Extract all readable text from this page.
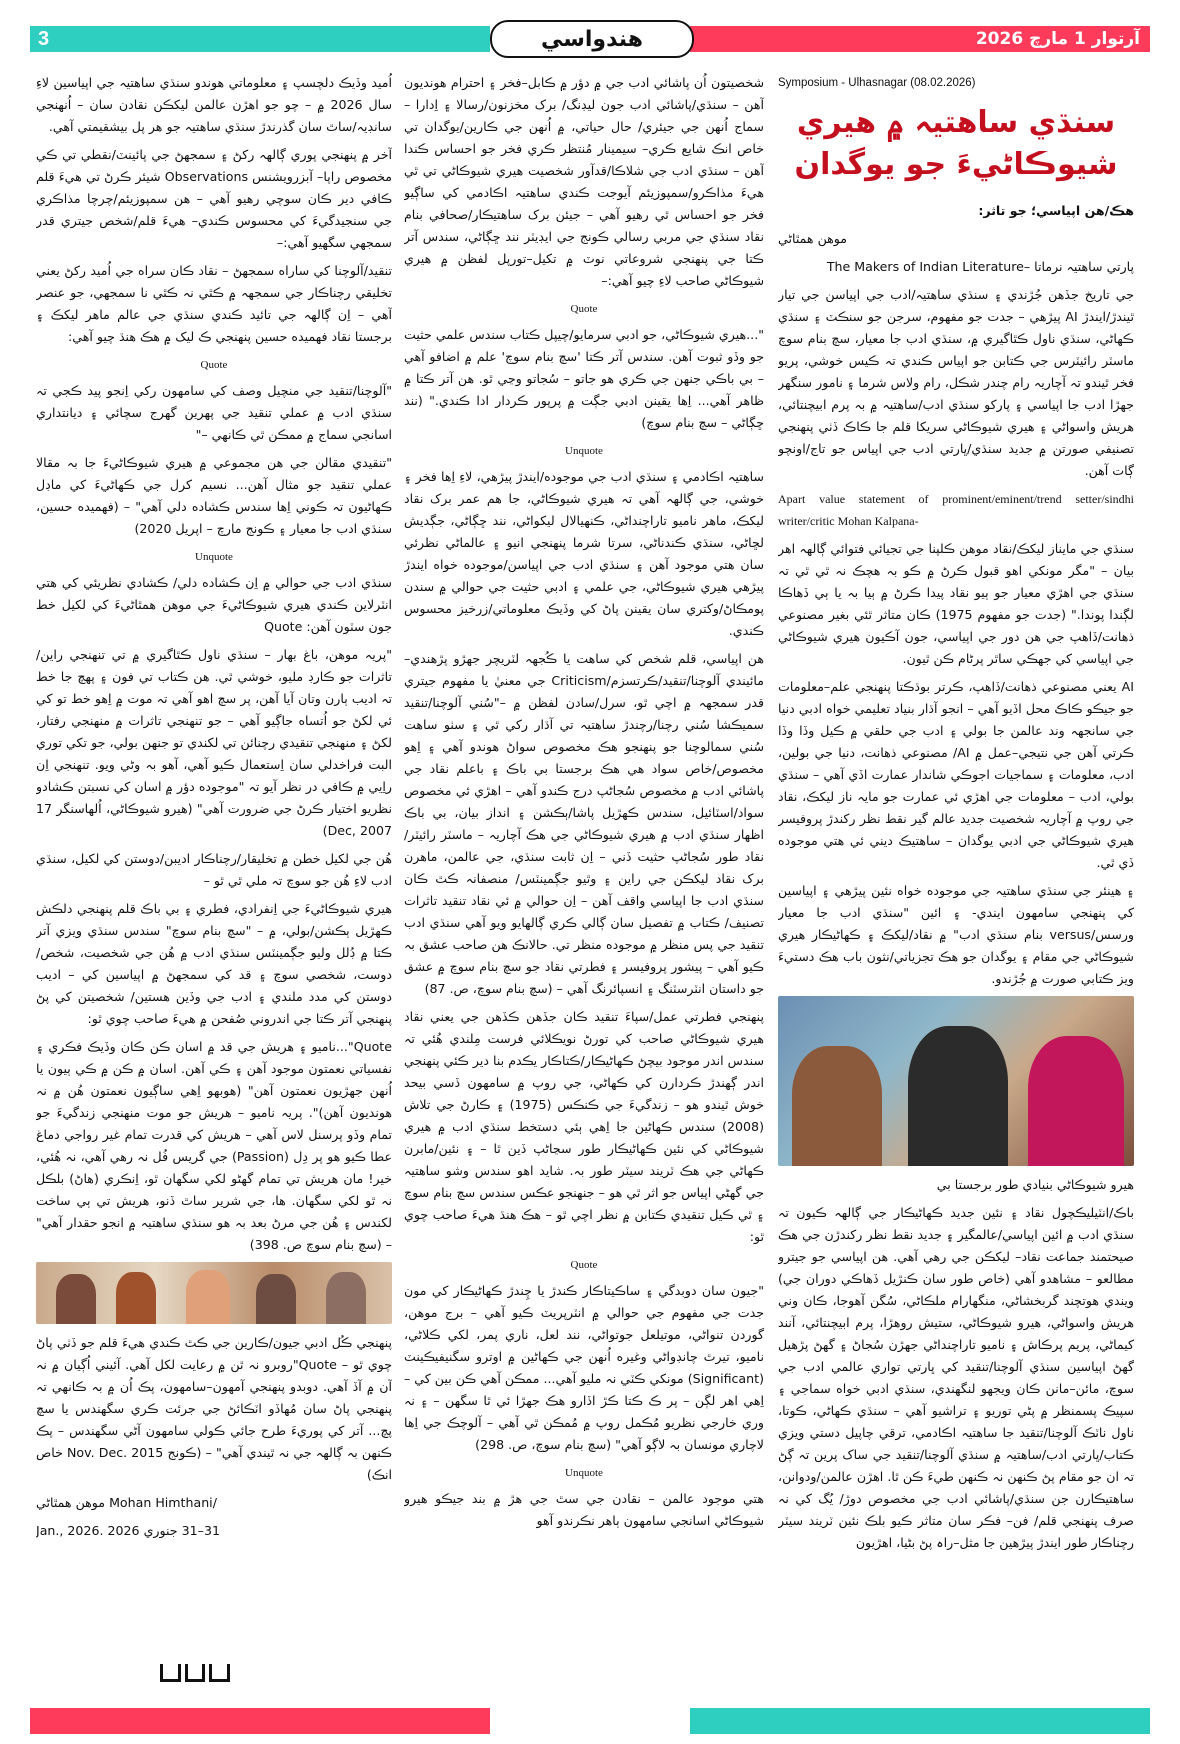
3	آرتوار 1 مارچ 2026
هندواسي
Symposium - Ulhasnagar (08.02.2026)
سنڌي ساهتيہ ۾ هيري
شيوڪاڻيءَ جو يوگدان

هڪ/هن اپياسي؛ جو تاثر:

موهن همٿاڻي

پارتي ساهتيہ نرماتا –The Makers of Indian Literature

جي تاريخ جڏهن جُڙندي ۽ سنڌي ساهتيہ/ادب جي اپياسن جي تيار ٿيندڙ/ايندڙ AI پيڙهي – جدت جو مفهوم، سرجن جو سنڪٽ ۽ سنڌي ڪهاڻي، سنڌي ناول ڪٿاگيري ۾، سنڌي ادب جا معيار، سچ بنام سوچ ماسٽر رائيٽرس جي ڪتابن جو اپياس ڪندي تہ ڪيس خوشي، پريو فخر ٿيندو تہ آچاريہ رام چندر شڪل، رام ولاس شرما ۽ نامور سنگھر جھڙا ادب جا اپياسي ۽ پارکو سنڌي ادب/ساهتيہ ۾ بہ پرم ابيچنتائي، هريش واسواڻي ۽ هيري شيوڪاڻي سريکا قلم جا ڪاڪ ڏٺي پنهنجي تصنيفي صورتن ۾ جديد سنڌي/ڀارتي ادب جي اپياس جو تاج/اونچو ڳات آهن.

Apart value statement of prominent/eminent/trend setter/sindhi writer/critic Mohan Kalpana-

سنڌي جي مايناز ليکڪ/نقاد موهن ڪلپنا جي تجيائي فتوائي ڳالهہ اهر بيان – "مگر مونکي اهو قبول ڪرڻ ۾ ڪو بہ هچڪ نہ ٿي ٿي تہ سنڌي جي اهڙي معيار جو ٻيو نقاد پيدا ڪرڻ ۾ ٻيا بہ يا ٻي ڏهاڪا لڳندا پوندا." (جدت جو مفهوم 1975) ڪان متاثر ٿئي بغير مصنوعي ذهانت/ڏاهپ جي هن دور جي اپياسي، جون آڪيون هيري شيوڪاڻي جي اپياسي کي جھڪي ساٿر پرڻام ڪن ٿيون.

AI يعني مصنوعي ذهانت/ڏاهپ، ڪرتر بوڌڪتا پنهنجي علم–معلومات جو جيڪو ڪاڪ محل اڏيو آهي – انجو آڌار بنياد تعليمي خواه ادبي دنيا جي سانجهہ وند عالمن جا بولي ۽ ادب جي حلقي ۾ ڪيل وڏا وڏا ڪرتي آهن جي نتيجي–عمل ۾ AI/ مصنوعي ذهانت، دنيا جي بولين، ادب، معلومات ۽ سماجيات اجوڪي شاندار عمارت اڏي آهي – سنڌي بولي، ادب – معلومات جي اهڙي ئي عمارت جو مايہ ناز ليکڪ، نقاد جي روپ ۾ آچاريہ شخصيت جديد عالم گير نقط نظر رکندڙ پروفيسر هيري شيوڪاڻي جي ادبي يوگدان – ساهتيڪ ديني ئي هتي موجوده ڏي ٿي.

۽ هينئر جي سنڌي ساهتيہ جي موجوده خواه نئين پيڙهي ۽ اپياسين کي پنهنجي سامهون ايندي- ۽ ائين "سنڌي ادب جا معيار ورسس/versus بنام سنڌي ادب" ۾ نقاد/ليکڪ ۽ ڪهاڻيڪار هيري شيوڪاڻي جي مقام ۽ يوگدان جو هڪ تجزياتي/نثون باب هڪ دستيءَ ويز ڪتابي صورت ۾ جُڙندو.

هيرو شيوڪاڻي بنيادي طور برجستا بي

باڪ/انٽيليڪچول نقاد ۽ نئين جديد ڪهاڻيڪار جي ڳالهہ ڪيون تہ سنڌي ادب ۾ ائين اپياسي/عالمگير ۽ جديد نقط نظر رکندڙن جي هڪ صيحتمند جماعت نقاد– ليکڪن جي رهي آهي. هن اپياسي جو جيترو مطالعو – مشاهدو آهي (خاص طور سان ڪنڙيل ڏهاڪي دوران جي) ويندي هوتچند گربخشاڻي، منگهارام ملڪاڻي، سُگن آهوجا، ڪان وني هريش واسواڻي، هيرو شيوڪاڻي، ستيش روهڙا، پرم ابيچنتائي، آنند کيماڻي، پريم پرڪاش ۽ ناميو تاراچنداڻي جهڙن سُجاڻ ۽ گھڻ پڙهيل گهڻ اپياسين سنڌي آلوچنا/تنقيد کي ڀارتي تواري عالمي ادب جي سوچ، مائن–مانن ڪان ويجهو لنگهندي، سنڌي ادبي خواه سماجي ۽ سپيڪ پسمنظر ۾ پڻي توريو ۽ تراشيو آهي – سنڌي ڪهاڻي، ڪوتا، ناول ناٽڪ آلوچنا/تنقيد جا ساهتيہ اڪادمي، ترقي چاپيل دستي ويزي ڪتاب/ڀارتي ادب/ساهتيہ ۾ سنڌي آلوچنا/تنقيد جي ساک پرين تہ ڳڻ تہ ان جو مقام پڻ ڪنهن نہ ڪنهن طيءَ ڪن ٿا. اهڙن عالمن/ودوانن، ساهتيڪارن جن سنڌي/پاشائي ادب جي مخصوص دوڙ/ يُگ کي نہ صرف پنهنجي قلم/ فن– فڪر سان متاثر ڪيو بلڪ نئين ٽريند سيٽر رچناڪار طور ايندڙ پيڙهين جا مثل–راہ پڻ بڻيا، اهڙيون

شخصيتون اُن پاشائي ادب جي ۾ دؤر ۾ ڪابل–فخر ۽ احترام هونديون آهن – سنڌي/پاشائي ادب جون ليڊنگ/ برک مخزنون/رسالا ۽ اِدارا – سماج اُنهن جي جيئري/ حال حياتي، ۾ اُنهن جي ڪارين/يوگدان تي خاص انڪ شايع ڪري– سيمينار مُنتظر ڪري فخر جو احساس ڪندا آهن – سنڌي ادب جي شلاڪا/قدآور شخصيت هيري شيوڪاڻي تي ٿي هيءَ مذاڪرو/سمپوزيئم آيوجت ڪندي ساهتيہ اڪادمي کي ساڳيو فخر جو احساس ٿي رهيو آهي – جيئن برک ساهتيڪار/صحافي بنام نقاد سنڌي جي مربي رسالي ڪونج جي ايڊيٽر نند ڇڳاڻي، سندس آتر ڪتا جي پنهنجي شروعاتي نوٽ ۾ تکيل–تورپل لفظن ۾ هيري شيوڪاڻي صاحب لاءِ چيو آهي:–

Quote

"...هيري شيوڪاڻي، جو ادبي سرمايو/چيپل ڪتاب سندس علمي حثيت جو وڏو ثبوت آهن. سندس آتر ڪتا 'سچ بنام سوچ' علم ۾ اضافو آهي – بي باڪي جنهن جي ڪري هو جاتو – سُجاتو وڃي ٿو. هن آتر ڪتا ۾ ظاهر آهي... اِها يقينن ادبي جڳت ۾ پرپور ڪردار ادا ڪندي." (نند ڇڳاڻي – سچ بنام سوچ)

Unquote

ساهتيہ اڪادمي ۽ سنڌي ادب جي موجوده/ايندڙ پيڙهي، لاءِ اِها فخر ۽ خوشي، جي ڳالهہ آهي تہ هيري شيوڪاڻي، جا هم عمر برک نقاد ليکڪ، ماهر ناميو تاراچنداڻي، ڪنهيالال ليکواڻي، نند ڇڳاڻي، جڳديش لڇاڻي، سنڌي ڪندناڻي، سرتا شرما پنهنجي انيو ۽ عالماڻي نظرئي سان هتي موجود آهن ۽ سنڌي ادب جي اپياسن/موجوده خواه ايندڙ پيڙهي هيري شيوڪاڻي، جي علمي ۽ ادبي حثيت جي حوالي ۾ سندن پومڪاڻ/وکتري سان يقينن پاڻ کي وڏيڪ معلوماتي/زرخيز محسوس ڪندي.

هن اپياسي، قلم شخص کي ساهت يا ڪُجهہ لٽريچر جهڙو پڙهندي–مائيندي آلوچنا/تنقيد/ڪرتسزم/Criticism جي معنيٰ يا مفهوم جيتري قدر سمجهہ ۾ اچي ٿو، سرل/سادن لفظن ۾ –"سُني آلوچنا/تنقيد سميڪشا سُني رچنا/رچندڙ ساهتيہ تي آڌار رکي ٿي ۽ سٺو ساهت سُني سمالوچنا جو پنهنجو هڪ مخصوص سواڻ هوندو آهي ۽ اِهو مخصوص/خاص سواد هي هڪ برجستا بي باڪ ۽ باعلم نقاد جي پاشائي ادب ۾ مخصوص سُجاڻپ درج ڪندو آهي – اهڙي ئي مخصوص سواد/اسٽائيل، سندس ڪهڙيل پاشا/ٻڪشن ۽ انداز بيان، بي باڪ اظهار سنڌي ادب ۾ هيري شيوڪاڻي جي هڪ آچاريہ – ماسٽر رائيٽر/نقاد طور سُجاڻپ حثيت ڏني – اِن ثابت سنڌي، جي عالمن، ماهرن برک نقاد ليکڪن جي راين ۽ وٿيو جڳمينٽس/ منصفانہ ڪٿ ڪان سنڌي ادب جا اپياسي واقف آهن – اِن حوالي ۾ ئي نقاد تنقيد تاثرات تصنيف/ ڪتاب ۾ تفصيل سان ڳالي ڪري ڳالهايو ويو آهي سنڌي ادب تنقيد جي پس منظر ۾ موجوده منظر تي. حالانڪ هن صاحب عشق بہ ڪيو آهي – پيشور پروفيسر ۽ فطرتي نقاد جو سچ بنام سوچ ۾ عشق جو داستان انٽرسٽنگ ۽ انسپائرنگ آهي – (سچ بنام سوچ، ص. 87)

پنهنجي فطرتي عمل/سپاءَ تنقيد ڪان جڏهن ڪڏهن جي يعني نقاد هيري شيوڪاڻي صاحب کي تورڻ نويڪلائي فرست مِلندي هُئي تہ سندس اندر موجود بيچڻ ڪهاڻيڪار/ڪتاڪار يڪدم بنا دير ڪئي پنهنجي اندر ڳهندڙ ڪردارن کي ڪهاڻي، جي روپ ۾ سامهون ڏسي بيحد خوش ٿيندو هو – زندگيءَ جي ڪنڪس (1975) ۽ ڪارڻ جي تلاش (2008) سندس ڪهاڻين جا اِهي ٻئي دستخط سنڌي ادب ۾ هيري شيوڪاڻي کي نئين ڪهاڻيڪار طور سڃاڻپ ڏين ٿا – ۽ نئين/مابرن ڪهاڻي جي هڪ ٽريند سيٽر طور بہ. شايد اهو سندس وشو ساهتيہ جي گهڻي اپياس جو اثر ٿي هو – جنهنجو عڪس سندس سچ بنام سوچ ۽ ٿي ڪيل تنقيدي ڪتابن ۾ نظر اچي ٿو – هڪ هنڌ هيءَ صاحب چوي ٿو:

Quote

"جيون سان دوبدگي ۽ ساڪيتاڪار ڪندڙ يا چِندڙ ڪهاڻيڪار کي مون جدت جي مفهوم جي حوالي ۾ انٽرپريٽ ڪيو آهي – برج موهن، گوردن تنواڻي، موتيلعل جوتواڻي، نند لعل، ناري پمر، لکي ڪلاڻي، ناميو، تيرٿ چانڊواڻي وغيره اُنهن جي ڪهاڻين ۾ اوترو سگنيفيڪينٽ (Significant) مونکي ڪٽي نہ مليو آهي... ممڪن آهي ڪن بين کي – اِهي اهر لڳن – پر ڪ ڪتا ڪڙ اڏارو هڪ جهڙا ئي ٿا سگهن – ۽ نہ وري خارجي نظريو مُڪمل روپ ۾ مُمڪن ٿي آهي – آلوچڪ جي اِها لاچاري مونسان بہ لاڳو آهي" (سچ بنام سوچ، ص. 298)

Unquote

هتي موجود عالمن – نقادن جي سٿ جي هڙ ۾ بند جيڪو هيرو شيوڪاڻي اسانجي سامهون ٻاهر نڪرندو آهو

اُميد وڏيڪ دلچسپ ۽ معلوماتي هوندو سنڌي ساهتيہ جي اپياسين لاءِ سال 2026 ۾ – چو جو اهڙن عالمن ليکڪن نقادن سان – اُنهنجي سانڊيہ/ساٿ سان گذرندڙ سنڌي ساهتيہ جو هر پل بيشقيمتي آهي.

آخر ۾ پنهنجي پوري ڳالهہ رکڻ ۽ سمجهڻ جي پائينٽ/نقطي تي ڪي مخصوص راپا– آبزرويشنس Observations شيئر ڪرڻ تي هيءَ قلم ڪافي دير ڪان سوچي رهيو آهي – هن سمپوزيئم/چرچا مذاڪري جي سنجيدگيءَ کي محسوس ڪندي– هيءَ قلم/شخص جيتري قدر سمجهي سگهيو آهي:–

تنقيد/آلوچنا کي ساراه سمجهڻ – نقاد ڪان سراه جي اُميد رکڻ يعني تخليقي رچناڪار جي سمجهہ ۾ ڪٿي نہ ڪٿي نا سمجهي، جو عنصر آهي – اِن ڳالهہ جي تائيد ڪندي سنڌي جي عالم ماهر ليکڪ ۽ برجستا نقاد فهميده حسين پنهنجي ڪ ليک ۾ هڪ هنڌ چيو آهي:

Quote

"آلوچنا/تنقيد جي منچيل وصف کي سامهون رکي اِنجو پيد ڪجي تہ سنڌي ادب ۾ عملي تنقيد جي پهرين گهرج سچائي ۽ ديانتداري اسانجي سماج ۾ ممڪن ٿي ڪانهي –"

"تنقيدي مقالن جي هن مجموعي ۾ هيري شيوڪاڻيءَ جا بہ مقالا عملي تنقيد جو مثال آهن... نسيم کرل جي ڪهاڻيءَ کي ماڊل ڪهاڻيون تہ ڪوني اِها سندس ڪشاده دلي آهي" – (فهميده حسين، سنڌي ادب جا معيار ۽ ڪونج مارچ – اپريل 2020)

Unquote

سنڌي ادب جي حوالي ۾ اِن ڪشاده دلي/ ڪشادي نظريئي کي هتي انٽرلاين ڪندي هيري شيوڪاڻيءَ جي موهن همٿاڻيءَ کي لکيل خط جون سٽون آهن: Quote

"پريہ موهن، باغ بهار – سنڌي ناول ڪٿاگيري ۾ تي تنهنجي راين/تاثرات جو ڪارڊ مليو، خوشي ٿي. هن ڪتاب تي فون ۽ پهچ جا خط تہ اديب ٻارن وتان آيا آهن، پر سچ اهو آهي تہ موت ۾ اِهو خط تو کي ئي لکڻ جو اُتساه جاڳيو آهي – جو تنهنجي تاثرات ۾ منهنجي رفتار، لکڻ ۽ منهنجي تنقيدي رچنائن تي لکندي تو جنهن بولي، جو تکي توري البت فراخدلي سان اِستعمال ڪيو آهي، آهو بہ وڻي ويو. تنهنجي اِن راِيي ۾ ڪافي در نظر آيو تہ "موجوده دؤر ۾ اسان کي نسبتن ڪشادو نظريو اختيار ڪرڻ جي ضرورت آهي" (هيرو شيوڪاڻي، اُلهاسنگر 17 Dec, 2007)

هُن جي لکيل خطن ۾ تخليقار/رچناڪار اديبن/دوستن کي لکيل، سنڌي ادب لاءِ هُن جو سوچ تہ ملي ٿي ٿو –

هيري شيوڪاڻيءَ جي اِنفرادي، فطري ۽ بي باڪ قلم پنهنجي دلڪش ڪهڙيل ٻڪشن/بولي، ۾ – "سچ بنام سوچ" سندس سنڌي ويزي آتر ڪتا ۾ ڊُلل وليو جڳمينٽس سنڌي ادب ۾ هُن جي شخصيت، شخص/دوست، شخصي سوچ ۽ قد کي سمجهڻ ۾ اپياسين کي – اديب دوستن کي مدد ملندي ۽ ادب جي وڏين هستين/ شخصيتن کي پڻ پنهنجي آتر ڪتا جي اندروني صُفحن ۾ هيءَ صاحب چوي ٿو:

Quote"...ناميو ۽ هريش جي قد ۾ اسان ڪن ڪان وڏيڪ فڪري ۽ نفسياتي نعمتون موجود آهن ۽ ڪي آهن. اسان ۾ ڪن ۾ ڪي ٻيون يا اُنهن جهڙيون نعمتون آهن" (هوبهو اِهي ساڳيون نعمتون هُن ۾ نہ هونديون آهن)". پريہ ناميو – هريش جو موت منهنجي زندگيءَ جو تمام وڏو پرسنل لاس آهي – هريش کي قدرت تمام غير رواجي دماغ عطا ڪيو هو پر دِل (Passion) جي گريس فُل نہ رهي آهي، نہ هُئي، خير! مان هريش تي تمام گهڻو لکي سگهان ٿو، اِنڪري (هاڻ) بلڪل نہ ٿو لکي سگهان. ها، جي شرير ساٿ ڏنو، هريش تي ٻي ساخت لکندس ۽ هُن جي مرڻ بعد بہ هو سنڌي ساهتيہ ۾ انجو حقدار آهي" – (سچ بنام سوچ ص. 398)

پنهنجي ڪُل ادبي جيون/ڪارين جي ڪٿ ڪندي هيءَ قلم جو ڏٺي پاڻ چوي ٿو – Quote"روبرو نہ ٿن ۾ رعايت لکل آهي. آئيني اُڳيان ۾ نہ آن ۾ آڏ آهي. دوبدو پنهنجي آمهون–سامهون، پڪ اُن ۾ بہ ڪانهي تہ پنهنجي پاڻ سان مُهاڏو اٽڪائڻ جي جرئت ڪري سگهندس يا سچ پچ... آتر کي پوريءَ طرح جائي ڪولي سامهون آڻي سگهندس – پڪ ڪنهن بہ ڳالهہ جي نہ ٿيندي آهي" – (ڪونج Nov. Dec. 2015 خاص انڪ)

/Mohan Himthani موهن همٿاڻي

31–31 جنوري 2026 .Jan., 2026
